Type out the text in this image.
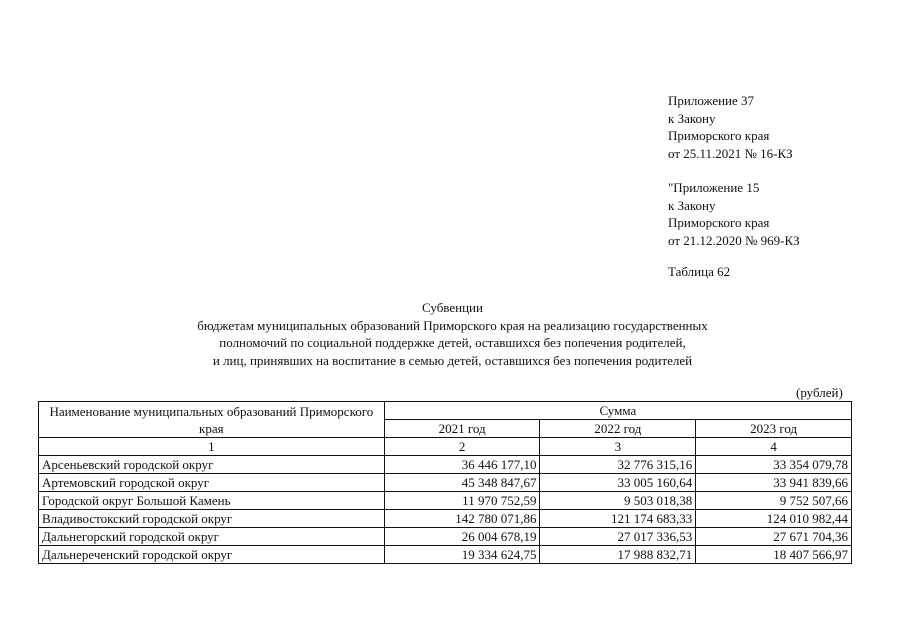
Приложение 37
к Закону
Приморского края
от 25.11.2021 № 16-КЗ
"Приложение 15
к Закону
Приморского края
от 21.12.2020 № 969-КЗ
Таблица 62
Субвенции
бюджетам муниципальных образований Приморского края на реализацию государственных
полномочий по социальной поддержке детей, оставшихся без попечения родителей,
и лиц, принявших на воспитание в семью детей, оставшихся без попечения родителей
(рублей)
Наименование муниципальных образований Приморского края	Сумма		
	2021 год	2022 год	2023 год
1	2	3	4
Арсеньевский городской округ	36 446 177,10	32 776 315,16	33 354 079,78
Артемовский городской округ	45 348 847,67	33 005 160,64	33 941 839,66
Городской округ Большой Камень	11 970 752,59	9 503 018,38	9 752 507,66
Владивостокский городской округ	142 780 071,86	121 174 683,33	124 010 982,44
Дальнегорский городской округ	26 004 678,19	27 017 336,53	27 671 704,36
Дальнереченский городской округ	19 334 624,75	17 988 832,71	18 407 566,97
